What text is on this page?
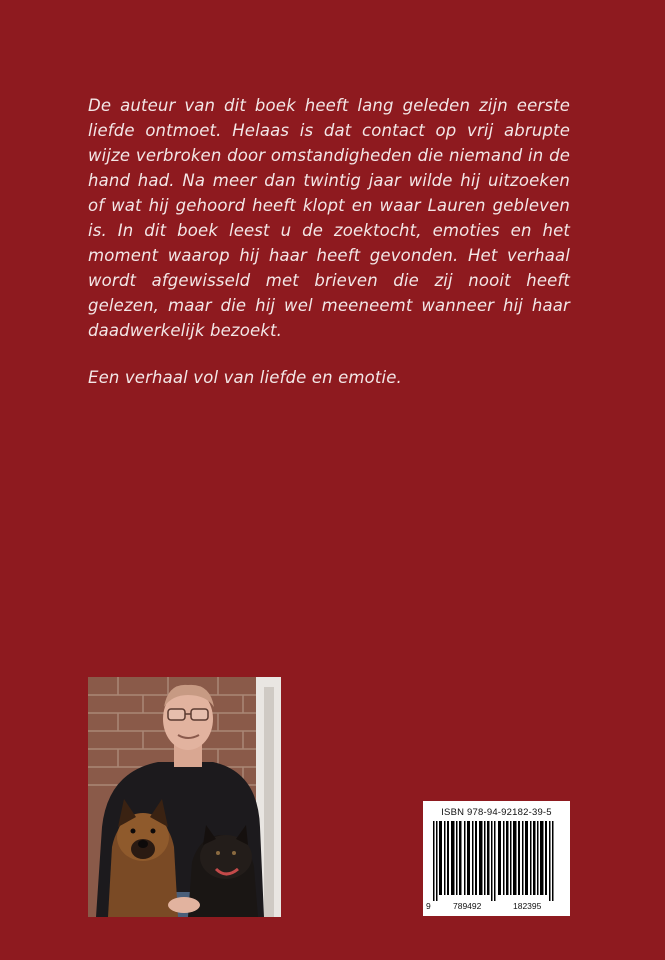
De auteur van dit boek heeft lang geleden zijn eerste liefde ontmoet. Helaas is dat contact op vrij abrupte wijze verbroken door omstandigheden die niemand in de hand had. Na meer dan twintig jaar wilde hij uitzoeken of wat hij gehoord heeft klopt en waar Lauren gebleven is. In dit boek leest u de zoektocht, emoties en het moment waarop hij haar heeft gevonden. Het verhaal wordt afgewisseld met brieven die zij nooit heeft gelezen, maar die hij wel meeneemt wanneer hij haar daadwerkelijk bezoekt.

Een verhaal vol van liefde en emotie.

ISBN 978-94-92182-39-5
9	789492	182395
